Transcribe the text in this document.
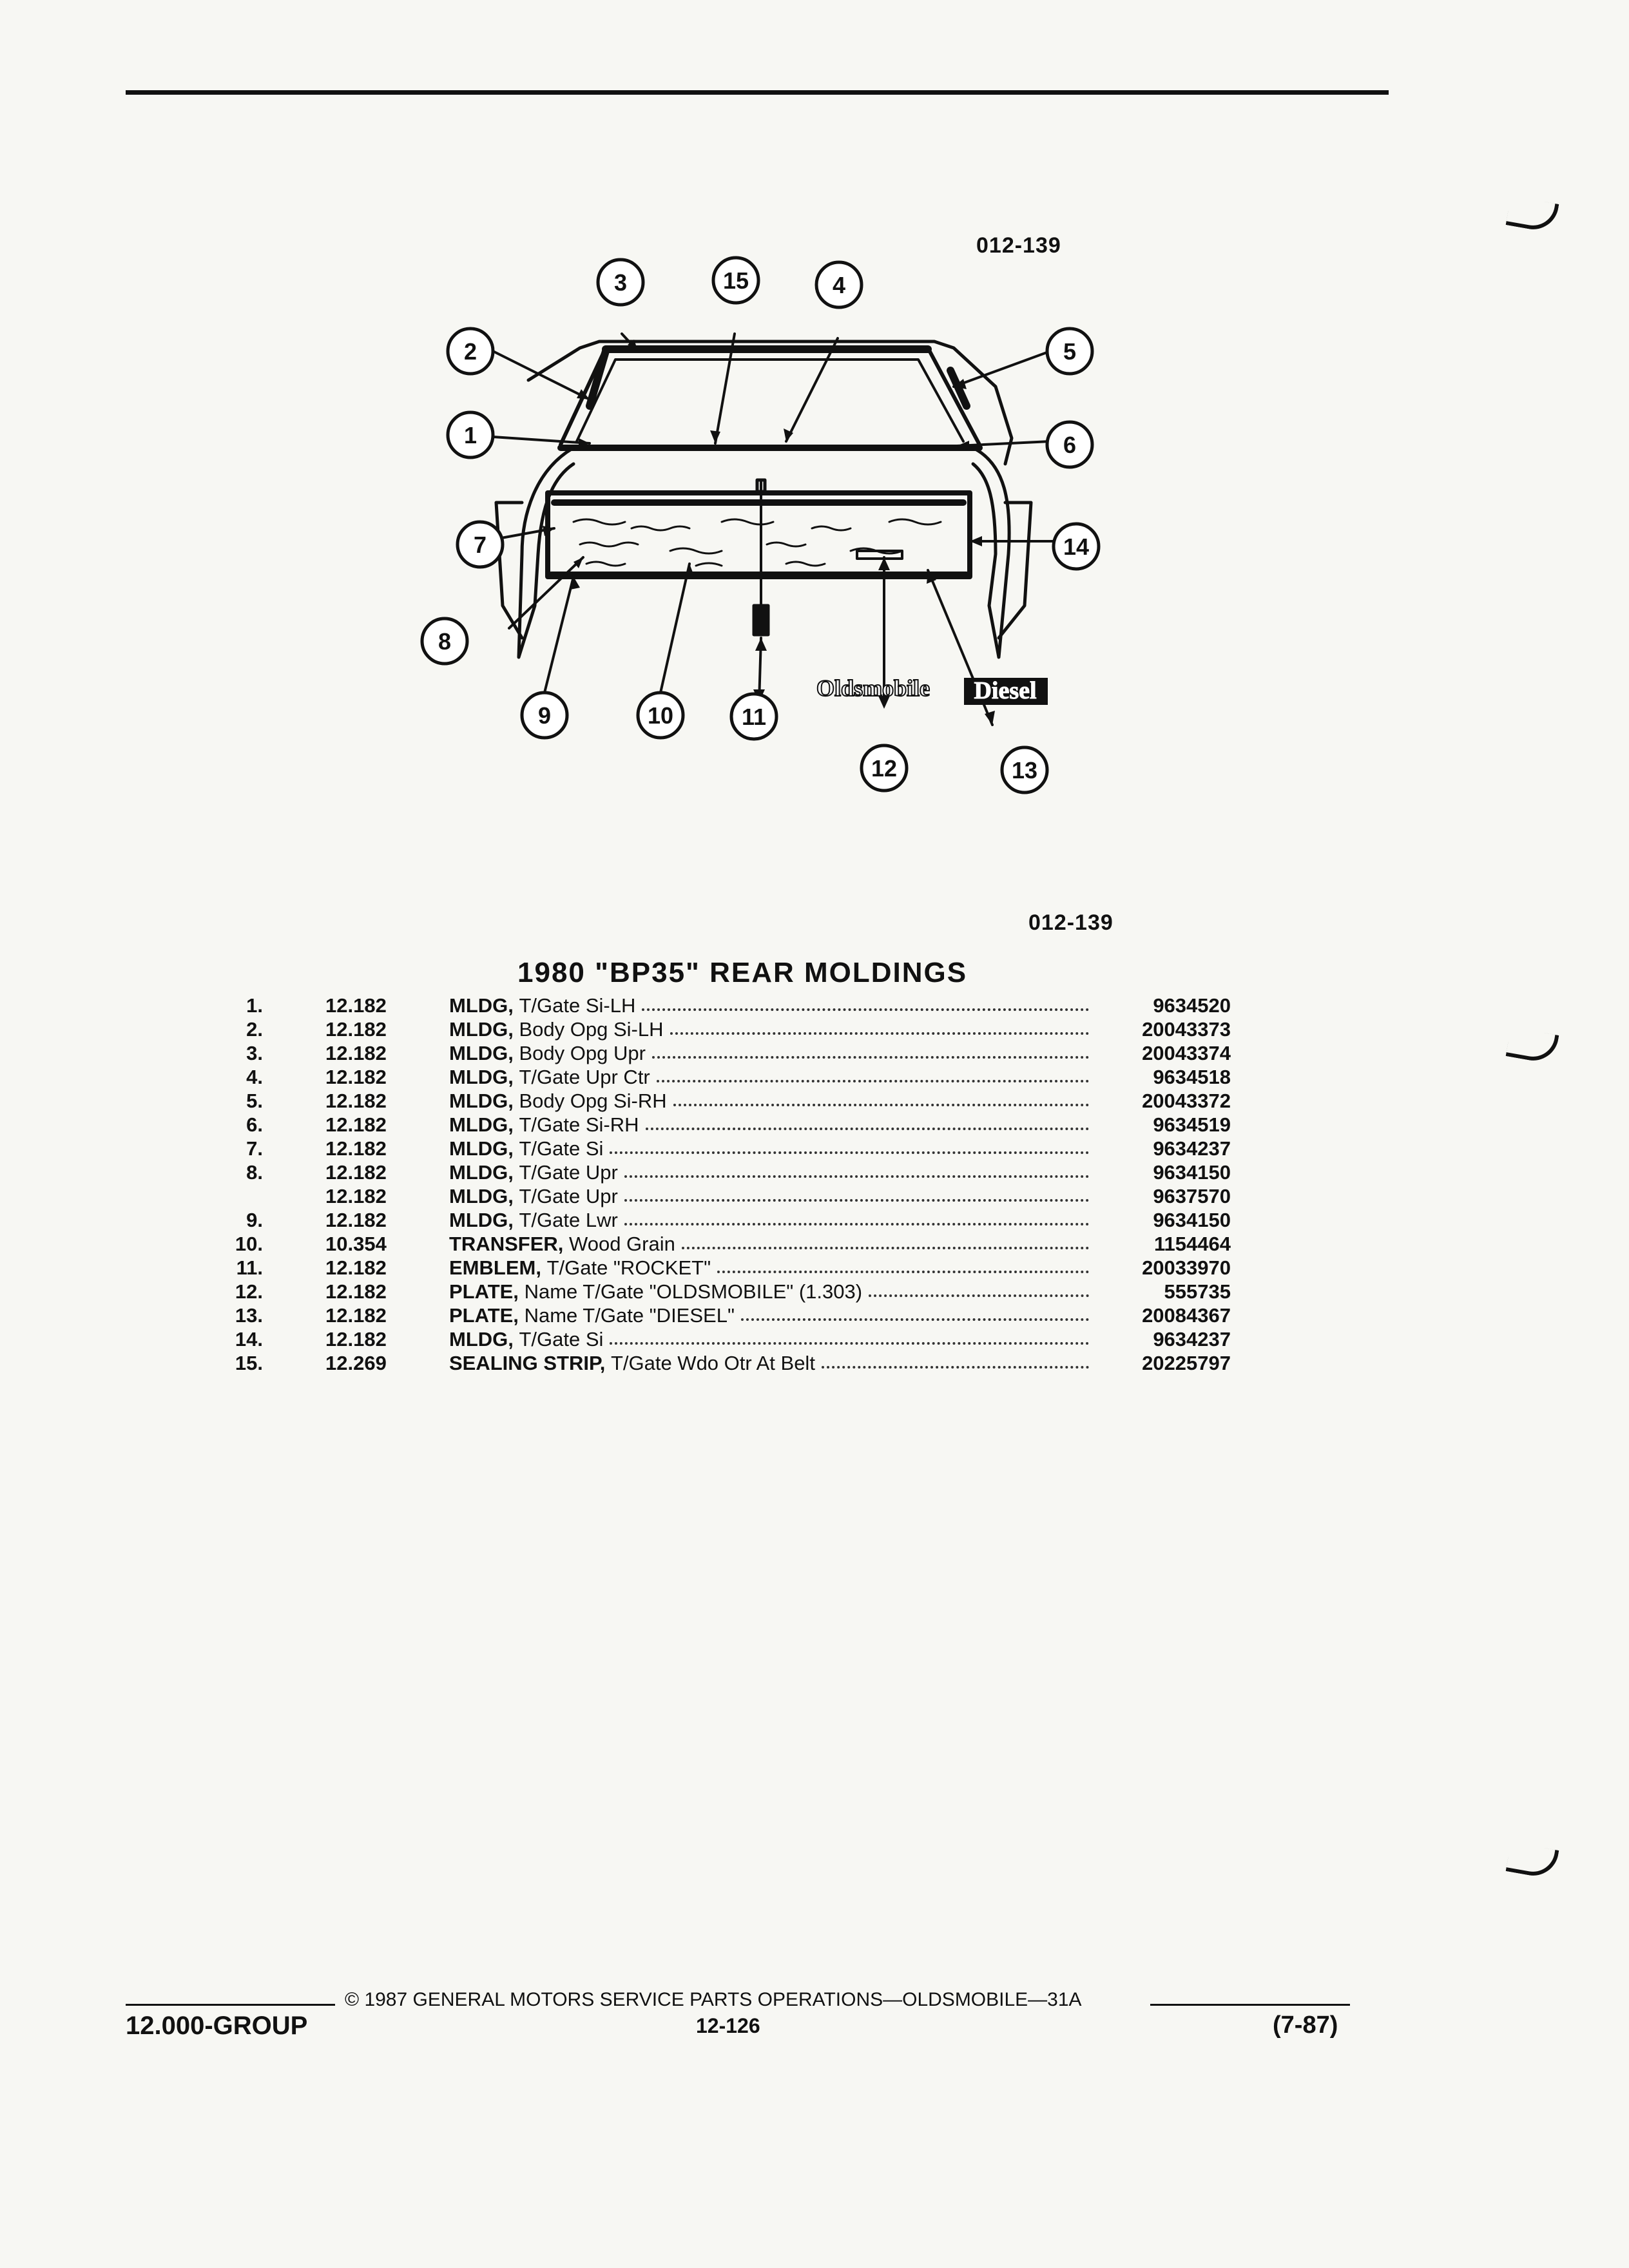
012-139
012-139
1
2
3	15	4
5
6
7
8
9	10	11
12	13
14
Oldsmobile Diesel
1980 "BP35" REAR MOLDINGS
1.	12.182	MLDG, T/Gate Si-LH	9634520
2.	12.182	MLDG, Body Opg Si-LH	20043373
3.	12.182	MLDG, Body Opg Upr	20043374
4.	12.182	MLDG, T/Gate Upr Ctr	9634518
5.	12.182	MLDG, Body Opg Si-RH	20043372
6.	12.182	MLDG, T/Gate Si-RH	9634519
7.	12.182	MLDG, T/Gate Si	9634237
8.	12.182	MLDG, T/Gate Upr	9634150
12.182	MLDG, T/Gate Upr	9637570
9.	12.182	MLDG, T/Gate Lwr	9634150
10.	10.354	TRANSFER, Wood Grain	1154464
11.	12.182	EMBLEM, T/Gate "ROCKET"	20033970
12.	12.182	PLATE, Name T/Gate "OLDSMOBILE" (1.303)	555735
13.	12.182	PLATE, Name T/Gate "DIESEL"	20084367
14.	12.182	MLDG, T/Gate Si	9634237
15.	12.269	SEALING STRIP, T/Gate Wdo Otr At Belt	20225797
© 1987 GENERAL MOTORS SERVICE PARTS OPERATIONS—OLDSMOBILE—31A
12.000-GROUP	12-126	(7-87)
